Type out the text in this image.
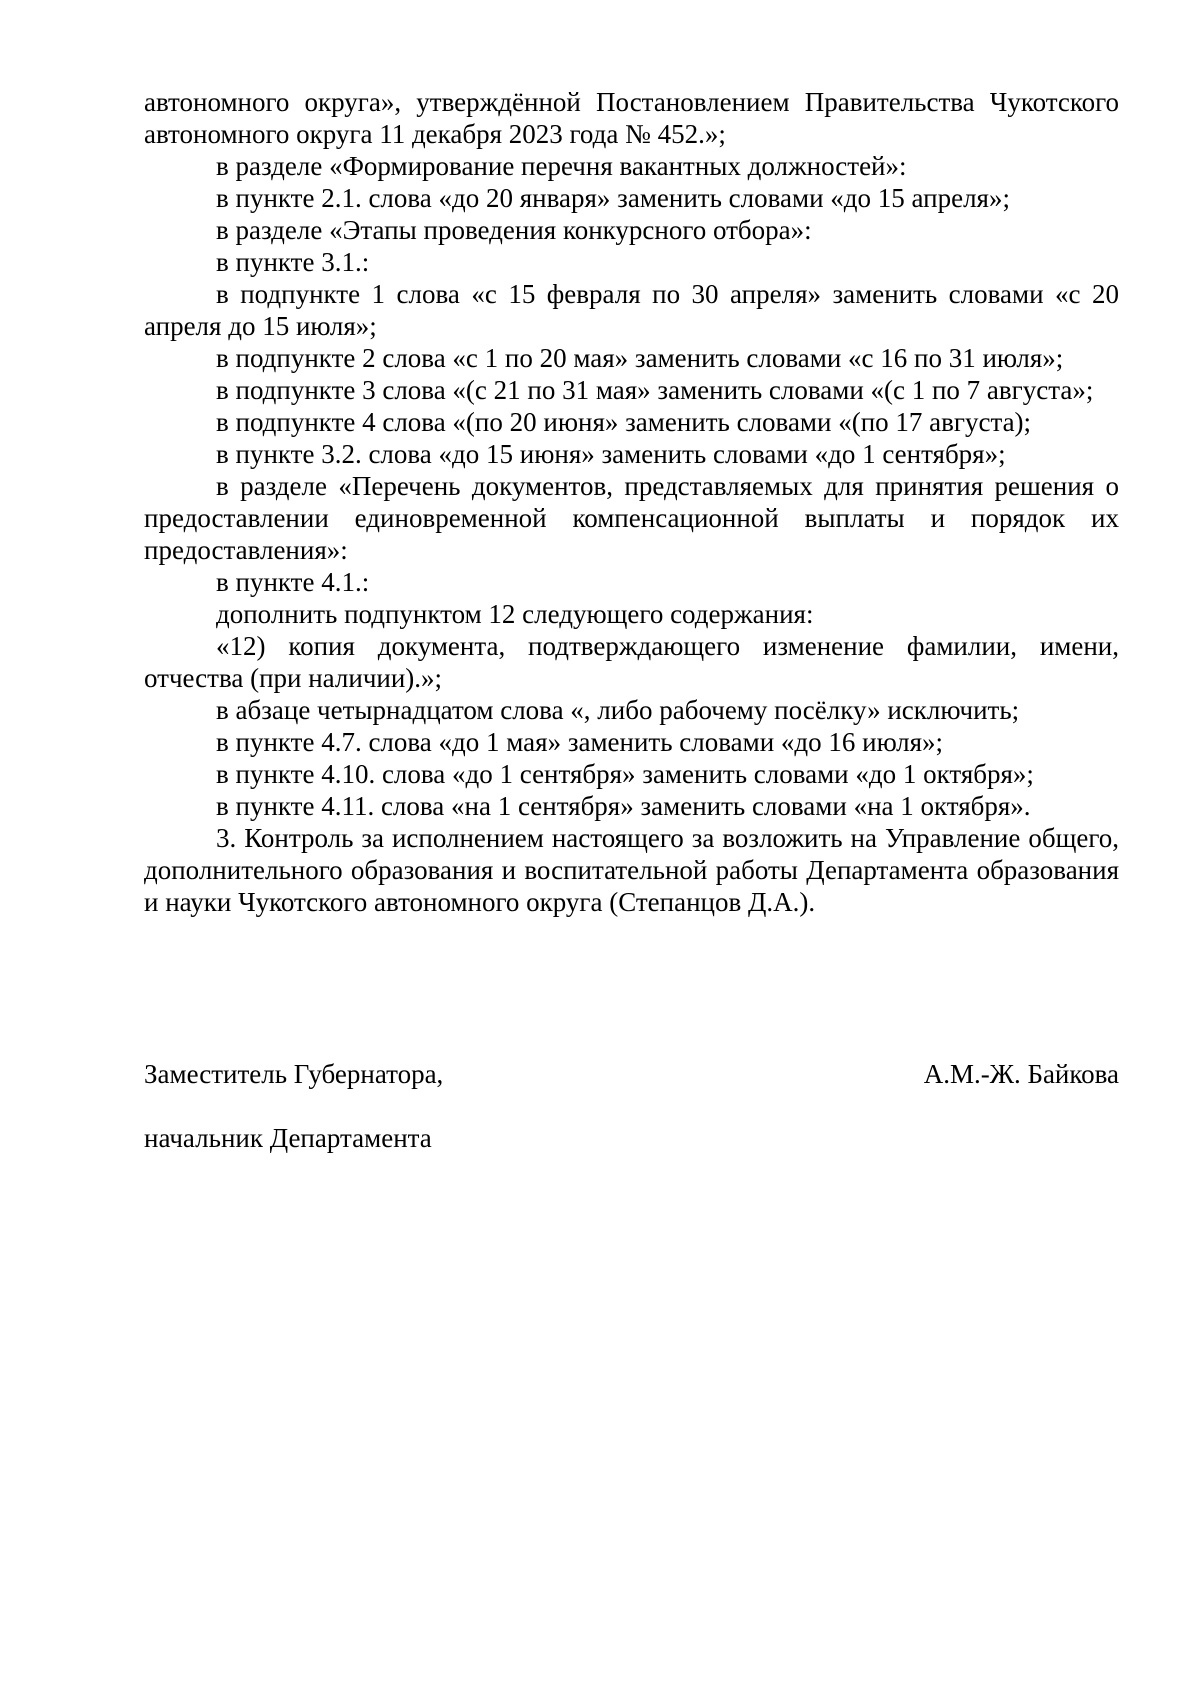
автономного округа», утверждённой Постановлением Правительства Чукотского автономного округа 11 декабря 2023 года № 452.»;

в разделе «Формирование перечня вакантных должностей»:

в пункте 2.1. слова «до 20 января» заменить словами «до 15 апреля»;

в разделе «Этапы проведения конкурсного отбора»:

в пункте 3.1.:

в подпункте 1 слова «с 15 февраля по 30 апреля» заменить словами «с 20 апреля до 15 июля»;

в подпункте 2 слова «с 1 по 20 мая» заменить словами «с 16 по 31 июля»;

в подпункте 3 слова «(с 21 по 31 мая» заменить словами «(с 1 по 7 августа»;

в подпункте 4 слова «(по 20 июня» заменить словами «(по 17 августа);

в пункте 3.2. слова «до 15 июня» заменить словами «до 1 сентября»;

в разделе «Перечень документов, представляемых для принятия решения о предоставлении единовременной компенсационной выплаты и порядок их предоставления»:

в пункте 4.1.:

дополнить подпунктом 12 следующего содержания:

«12) копия документа, подтверждающего изменение фамилии, имени, отчества (при наличии).»;

в абзаце четырнадцатом слова «, либо рабочему посёлку» исключить;

в пункте 4.7. слова «до 1 мая» заменить словами «до 16 июля»;

в пункте 4.10. слова «до 1 сентября» заменить словами «до 1 октября»;

в пункте 4.11. слова «на 1 сентября» заменить словами «на 1 октября».

3. Контроль за исполнением настоящего за возложить на Управление общего, дополнительного образования и воспитательной работы Департамента образования и науки Чукотского автономного округа (Степанцов Д.А.).

Заместитель Губернатора,

начальник Департамента

А.М.-Ж. Байкова
